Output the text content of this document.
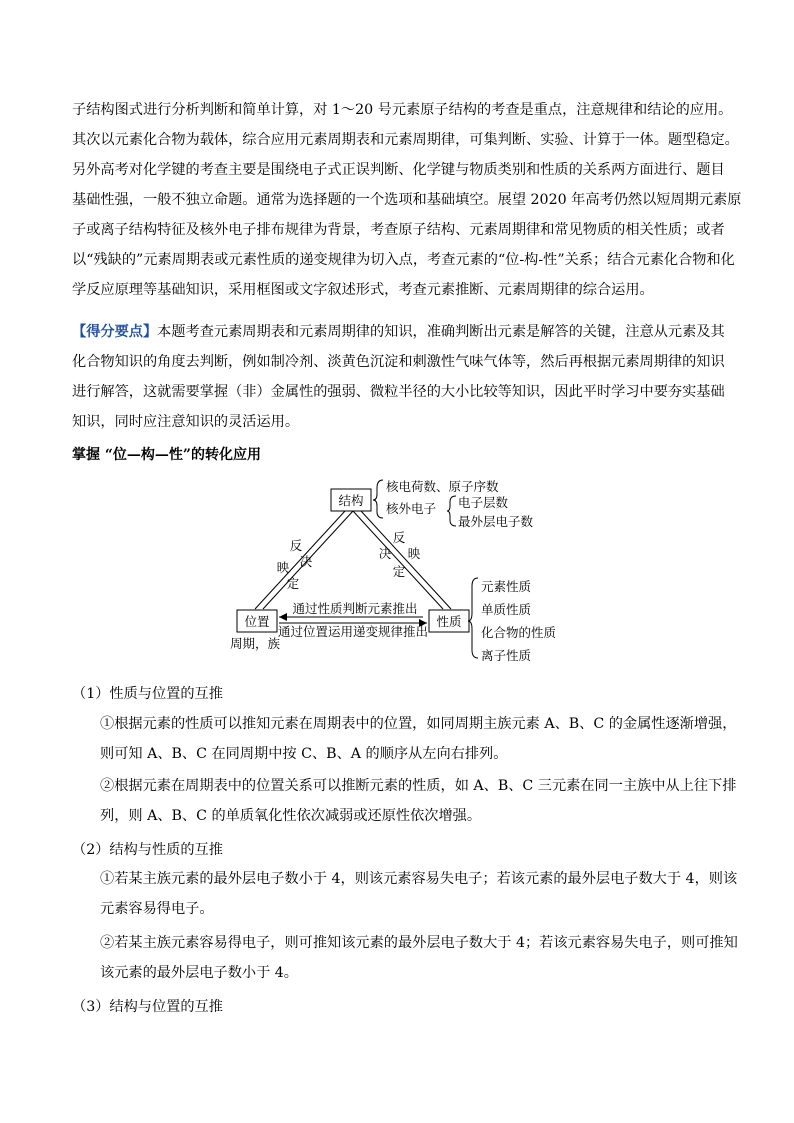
子结构图式进行分析判断和简单计算，对 1～20 号元素原子结构的考查是重点，注意规律和结论的应用。
其次以元素化合物为载体，综合应用元素周期表和元素周期律，可集判断、实验、计算于一体。题型稳定。
另外高考对化学键的考查主要是围绕电子式正误判断、化学键与物质类别和性质的关系两方面进行、题目
基础性强，一般不独立命题。通常为选择题的一个选项和基础填空。展望 2020 年高考仍然以短周期元素原
子或离子结构特征及核外电子排布规律为背景，考查原子结构、元素周期律和常见物质的相关性质；或者
以“残缺的”元素周期表或元素性质的递变规律为切入点，考查元素的“位-构-性”关系；结合元素化合物和化
学反应原理等基础知识，采用框图或文字叙述形式，考查元素推断、元素周期律的综合运用。
【得分要点】本题考查元素周期表和元素周期律的知识，准确判断出元素是解答的关键，注意从元素及其
化合物知识的角度去判断，例如制冷剂、淡黄色沉淀和刺激性气味气体等，然后再根据元素周期律的知识
进行解答，这就需要掌握（非）金属性的强弱、微粒半径的大小比较等知识，因此平时学习中要夯实基础
知识，同时应注意知识的灵活运用。
掌握 “位—构—性”的转化应用
结构
位置	性质
反
决
映
定
反
映
决
定
通过性质判断元素推出
通过位置运用递变规律推出
周期，族
核电荷数、原子序数
核外电子 电子层数
最外层电子数
元素性质
单质性质
化合物的性质
离子性质
（1）性质与位置的互推
①根据元素的性质可以推知元素在周期表中的位置，如同周期主族元素 A、B、C 的金属性逐渐增强，
则可知 A、B、C 在同周期中按 C、B、A 的顺序从左向右排列。
②根据元素在周期表中的位置关系可以推断元素的性质，如 A、B、C 三元素在同一主族中从上往下排
列，则 A、B、C 的单质氧化性依次减弱或还原性依次增强。
（2）结构与性质的互推
①若某主族元素的最外层电子数小于 4，则该元素容易失电子；若该元素的最外层电子数大于 4，则该
元素容易得电子。
②若某主族元素容易得电子，则可推知该元素的最外层电子数大于 4；若该元素容易失电子，则可推知
该元素的最外层电子数小于 4。
（3）结构与位置的互推
